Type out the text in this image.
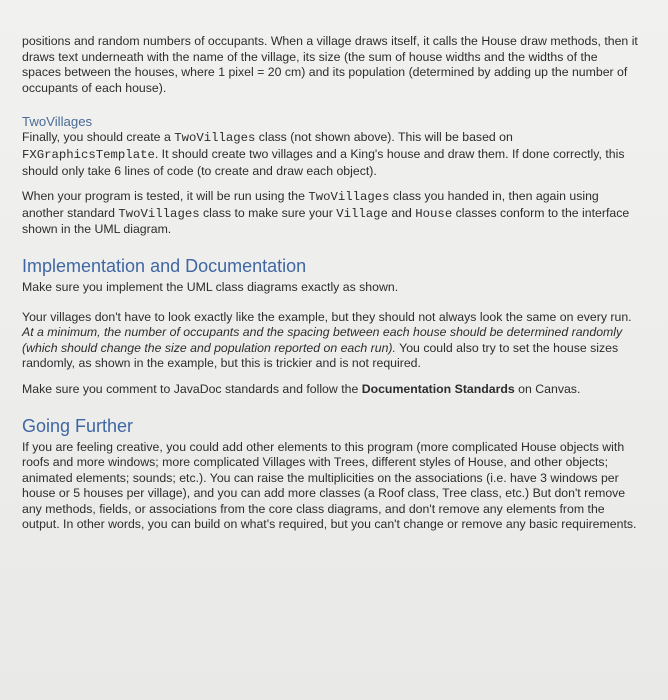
positions and random numbers of occupants. When a village draws itself, it calls the House draw methods, then it draws text underneath with the name of the village, its size (the sum of house widths and the widths of the spaces between the houses, where 1 pixel = 20 cm) and its population (determined by adding up the number of occupants of each house).

TwoVillages

Finally, you should create a TwoVillages class (not shown above). This will be based on FXGraphicsTemplate. It should create two villages and a King's house and draw them. If done correctly, this should only take 6 lines of code (to create and draw each object).

When your program is tested, it will be run using the TwoVillages class you handed in, then again using another standard TwoVillages class to make sure your Village and House classes conform to the interface shown in the UML diagram.

Implementation and Documentation

Make sure you implement the UML class diagrams exactly as shown.

Your villages don't have to look exactly like the example, but they should not always look the same on every run. At a minimum, the number of occupants and the spacing between each house should be determined randomly (which should change the size and population reported on each run). You could also try to set the house sizes randomly, as shown in the example, but this is trickier and is not required.

Make sure you comment to JavaDoc standards and follow the Documentation Standards on Canvas.

Going Further

If you are feeling creative, you could add other elements to this program (more complicated House objects with roofs and more windows; more complicated Villages with Trees, different styles of House, and other objects; animated elements; sounds; etc.). You can raise the multiplicities on the associations (i.e. have 3 windows per house or 5 houses per village), and you can add more classes (a Roof class, Tree class, etc.) But don't remove any methods, fields, or associations from the core class diagrams, and don't remove any elements from the output. In other words, you can build on what's required, but you can't change or remove any basic requirements.
